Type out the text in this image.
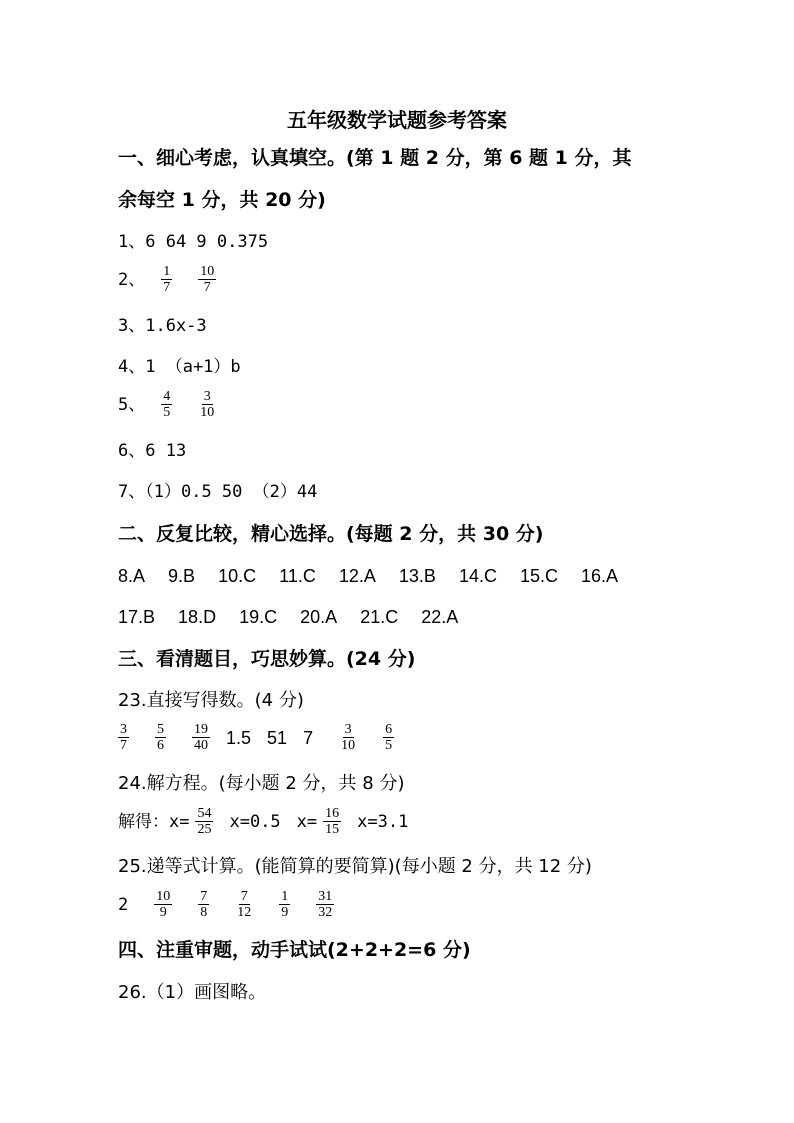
五年级数学试题参考答案
一、细心考虑，认真填空。(第 1 题 2 分，第 6 题 1 分，其
余每空 1 分，共 20 分)
1、6 64 9 0.375
2、 $\frac{1}{7} \frac{10}{7}$
3、1.6x-3
4、1 （a+1）b
5、 $\frac{4}{5} \frac{3}{10}$
6、6 13
7、（1）0.5 50 （2）44
二、反复比较，精心选择。(每题 2 分，共 30 分)
8.A 9.B 10.C 11.C 12.A 13.B 14.C 15.C 16.A
17.B 18.D 19.C 20.A 21.C 22.A
三、看清题目，巧思妙算。(24 分)
23.直接写得数。(4 分)
$\frac{3}{7} \frac{5}{6} \frac{19}{40} 1.5$ 51 $7 \frac{3}{10} \frac{6}{5}$
24.解方程。(每小题 2 分，共 8 分)
解得：$x= \frac{54}{25} x=0.5$ $x= \frac{16}{15} x=3.1$
25.递等式计算。(能简算的要简算)(每小题 2 分，共 12 分)
$2 \frac{10}{9} \frac{7}{8} \frac{7}{12} \frac{1}{9} \frac{31}{32}$
四、注重审题，动手试试(2+2+2=6 分)
26.（1）画图略。
